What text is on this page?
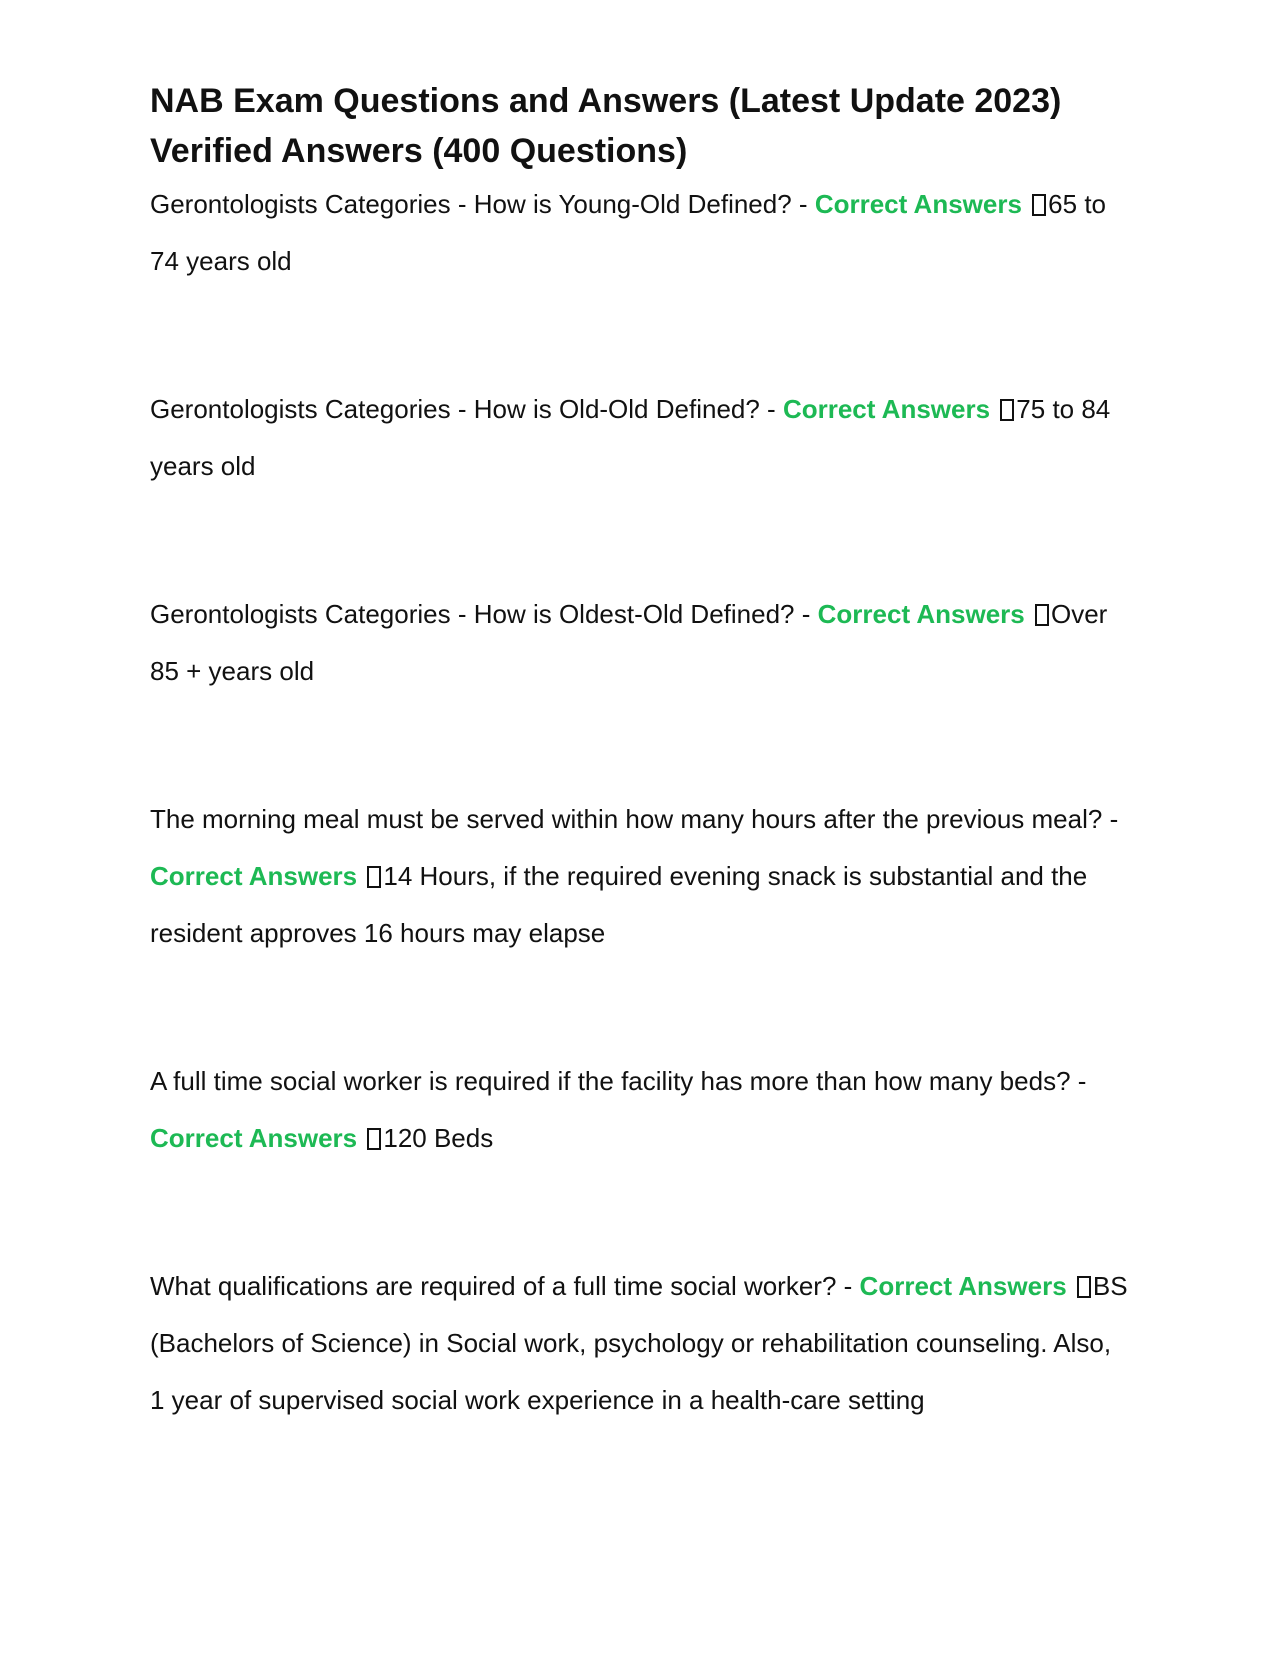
NAB Exam Questions and Answers (Latest Update 2023) Verified Answers (400 Questions)

Gerontologists Categories - How is Young-Old Defined? - Correct Answers 65 to 74 years old

Gerontologists Categories - How is Old-Old Defined? - Correct Answers 75 to 84 years old

Gerontologists Categories - How is Oldest-Old Defined? - Correct Answers Over 85 + years old

The morning meal must be served within how many hours after the previous meal? - Correct Answers 14 Hours, if the required evening snack is substantial and the resident approves 16 hours may elapse

A full time social worker is required if the facility has more than how many beds? - Correct Answers 120 Beds

What qualifications are required of a full time social worker? - Correct Answers BS (Bachelors of Science) in Social work, psychology or rehabilitation counseling. Also, 1 year of supervised social work experience in a health-care setting
